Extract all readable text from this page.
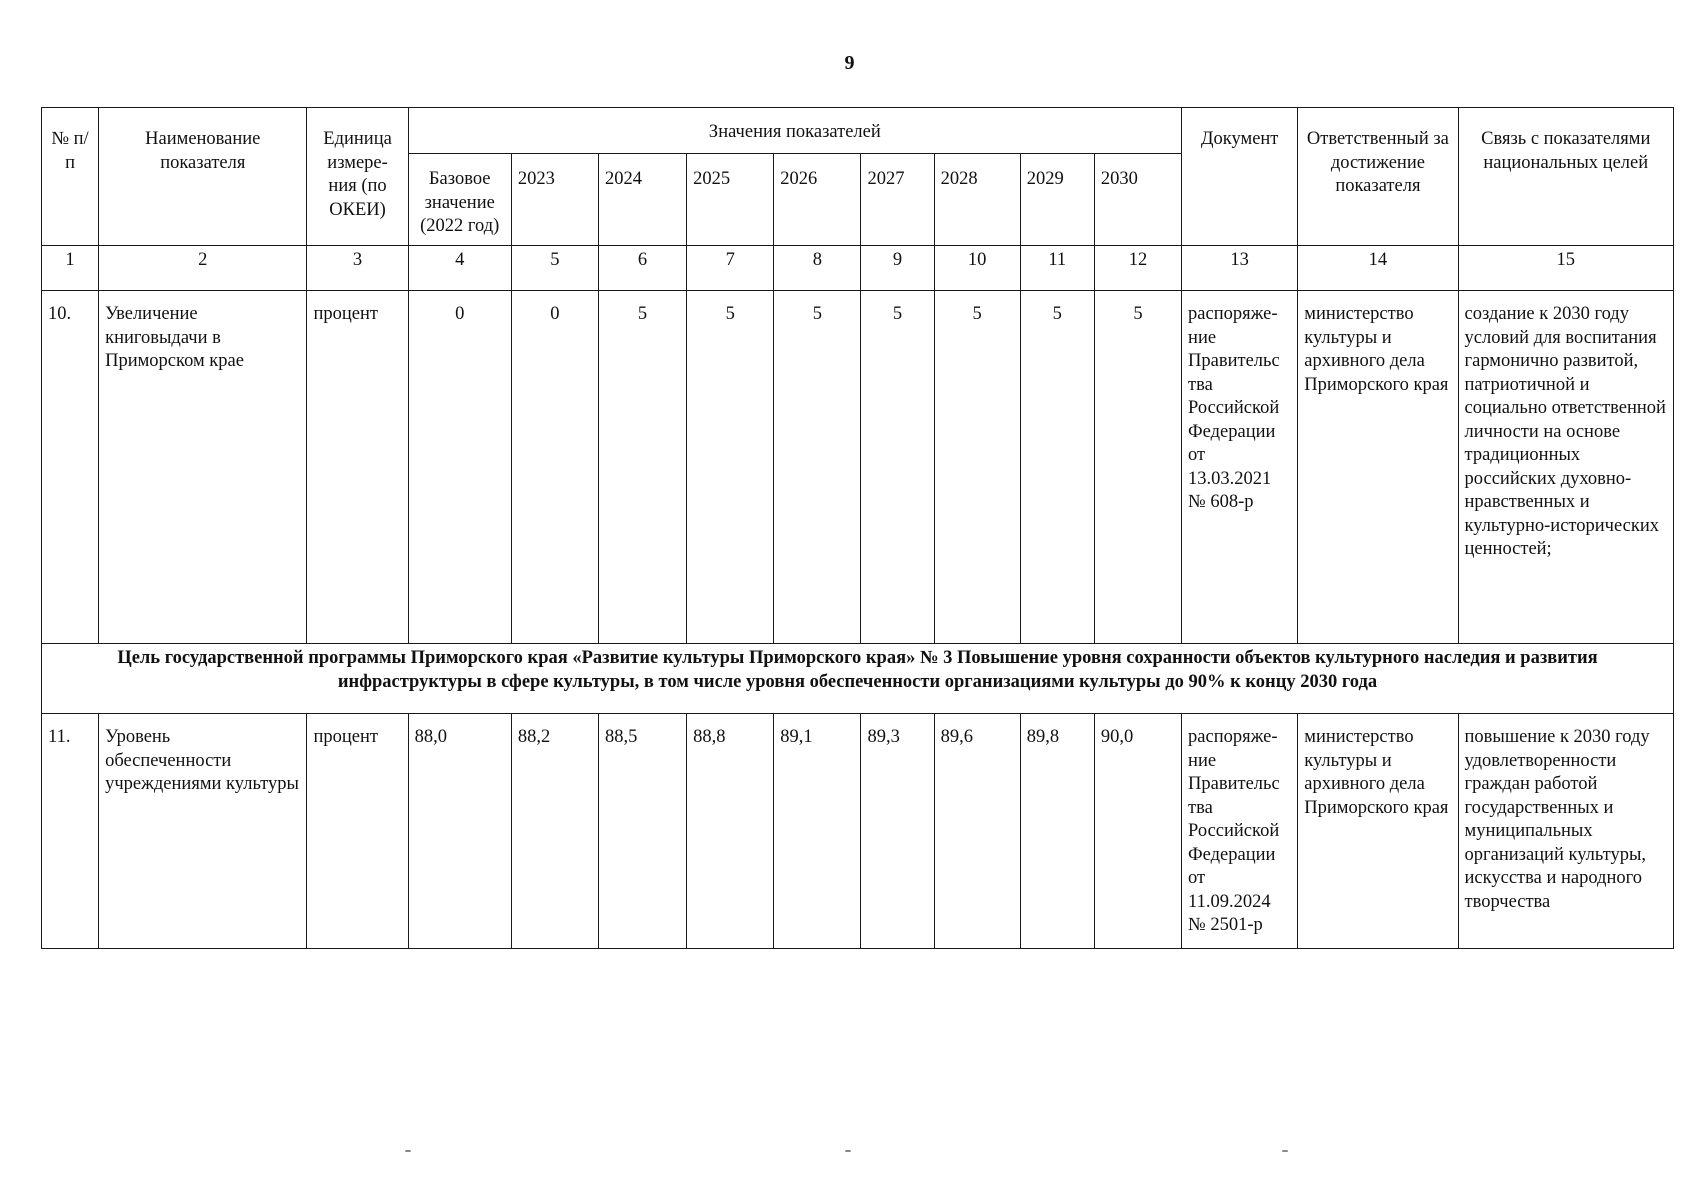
9
№ п/п	Наименование показателя	Единица измере-ния (по ОКЕИ)	Значения показателей									Документ	Ответственный за достижение показателя	Связь с показателями национальных целей
			Базовое значение (2022 год)	2023	2024	2025	2026	2027	2028	2029	2030			
1	2	3	4	5	6	7	8	9	10	11	12	13	14	15
10.	Увеличение книговыдачи в Приморском крае	процент	0	0	5	5	5	5	5	5	5	распоряже-ние Правительс тва Российской Федерации от 13.03.2021 № 608-р	министерство культуры и архивного дела Приморского края	создание к 2030 году условий для воспитания гармонично развитой, патриотичной и социально ответственной личности на основе традиционных российских духовно-нравственных и культурно-исторических ценностей;
Цель государственной программы Приморского края «Развитие культуры Приморского края» № 3 Повышение уровня сохранности объектов культурного наследия и развития инфраструктуры в сфере культуры, в том числе уровня обеспеченности организациями культуры до 90% к концу 2030 года														
11.	Уровень обеспеченности учреждениями культуры	процент	88,0	88,2	88,5	88,8	89,1	89,3	89,6	89,8	90,0	распоряже-ние Правительс тва Российской Федерации от 11.09.2024 № 2501-р	министерство культуры и архивного дела Приморского края	повышение к 2030 году удовлетворенности граждан работой государственных и муниципальных организаций культуры, искусства и народного творчества
